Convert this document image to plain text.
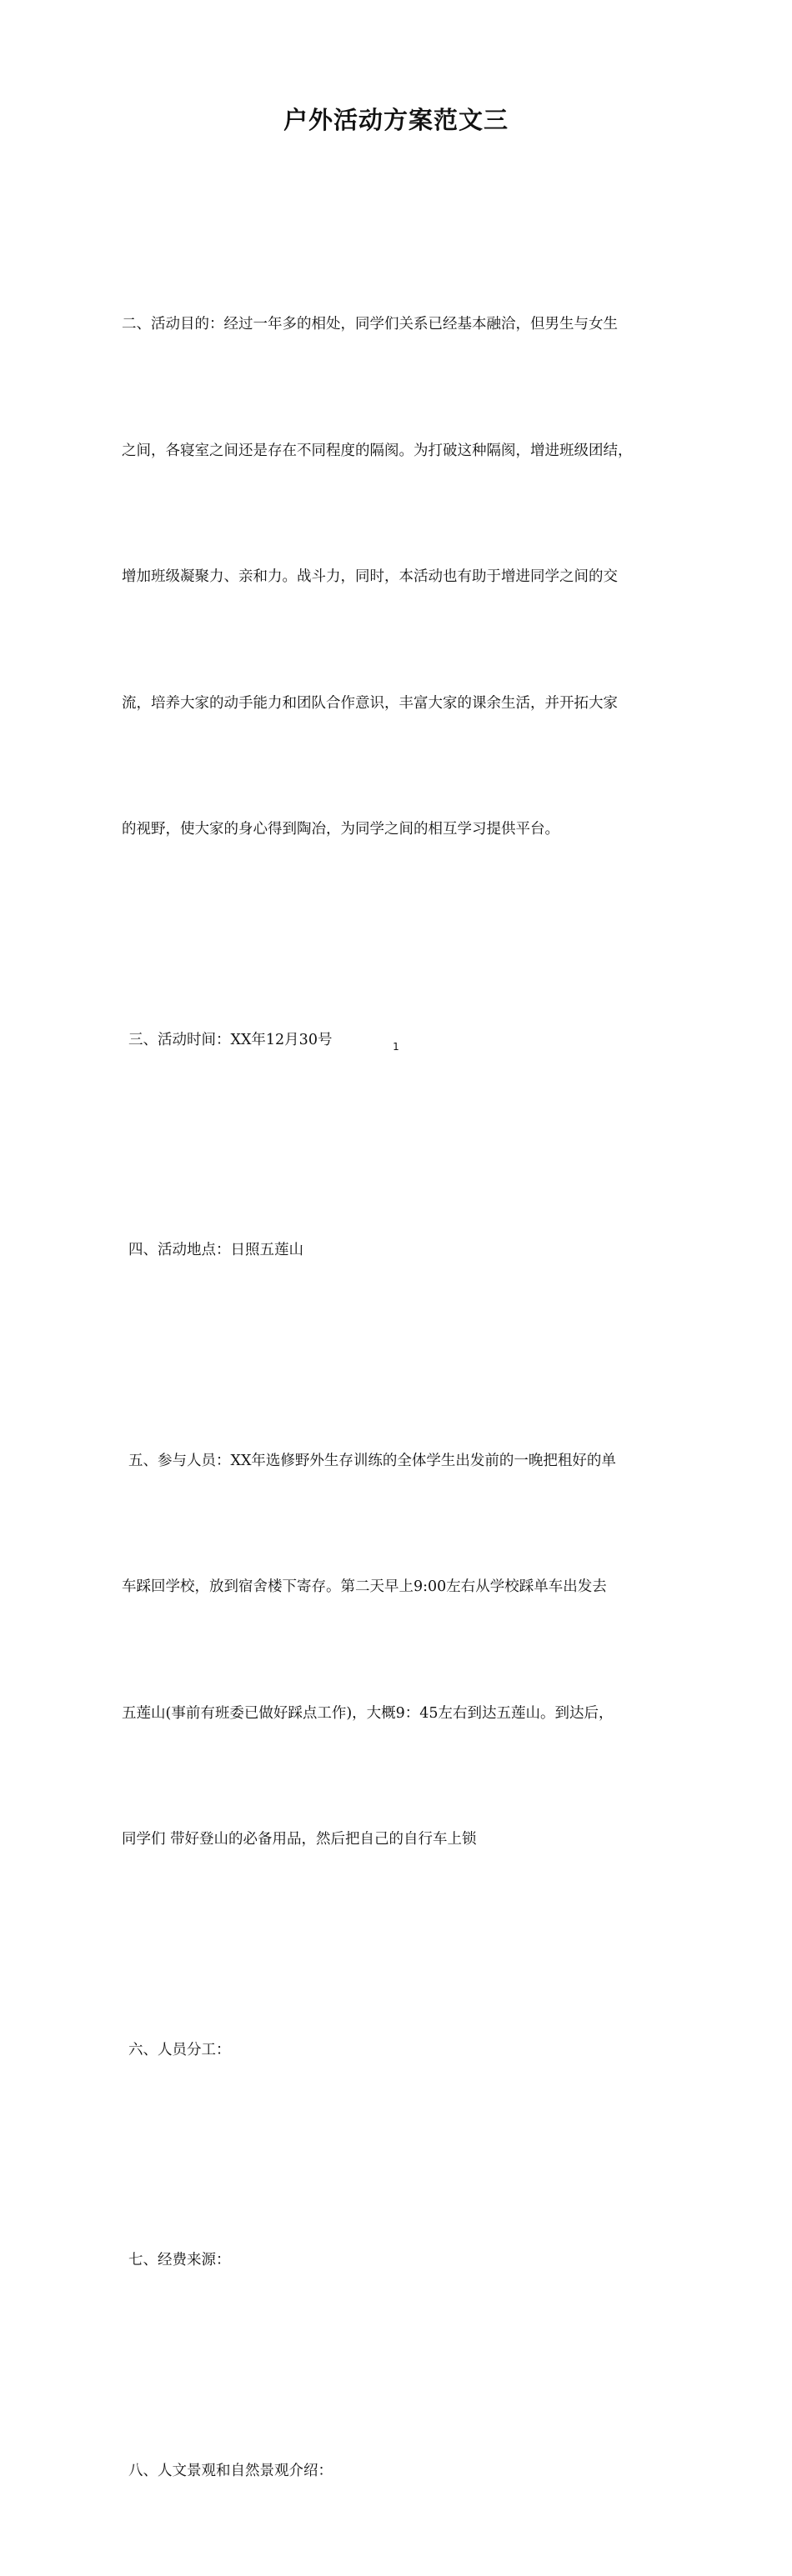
户外活动方案范文三

二、活动目的：经过一年多的相处，同学们关系已经基本融洽，但男生与女生

之间，各寝室之间还是存在不同程度的隔阂。为打破这种隔阂，增进班级团结，

增加班级凝聚力、亲和力。战斗力，同时，本活动也有助于增进同学之间的交

流，培养大家的动手能力和团队合作意识，丰富大家的课余生活，并开拓大家

的视野，使大家的身心得到陶冶，为同学之间的相互学习提供平台。

三、活动时间：XX年12月30号

四、活动地点：日照五莲山

五、参与人员：XX年选修野外生存训练的全体学生出发前的一晚把租好的单

车踩回学校，放到宿舍楼下寄存。第二天早上9:00左右从学校踩单车出发去

五莲山(事前有班委已做好踩点工作)，大概9：45左右到达五莲山。到达后，

同学们 带好登山的必备用品，然后把自己的自行车上锁

六、人员分工：

七、经费来源：

八、人文景观和自然景观介绍：

1
